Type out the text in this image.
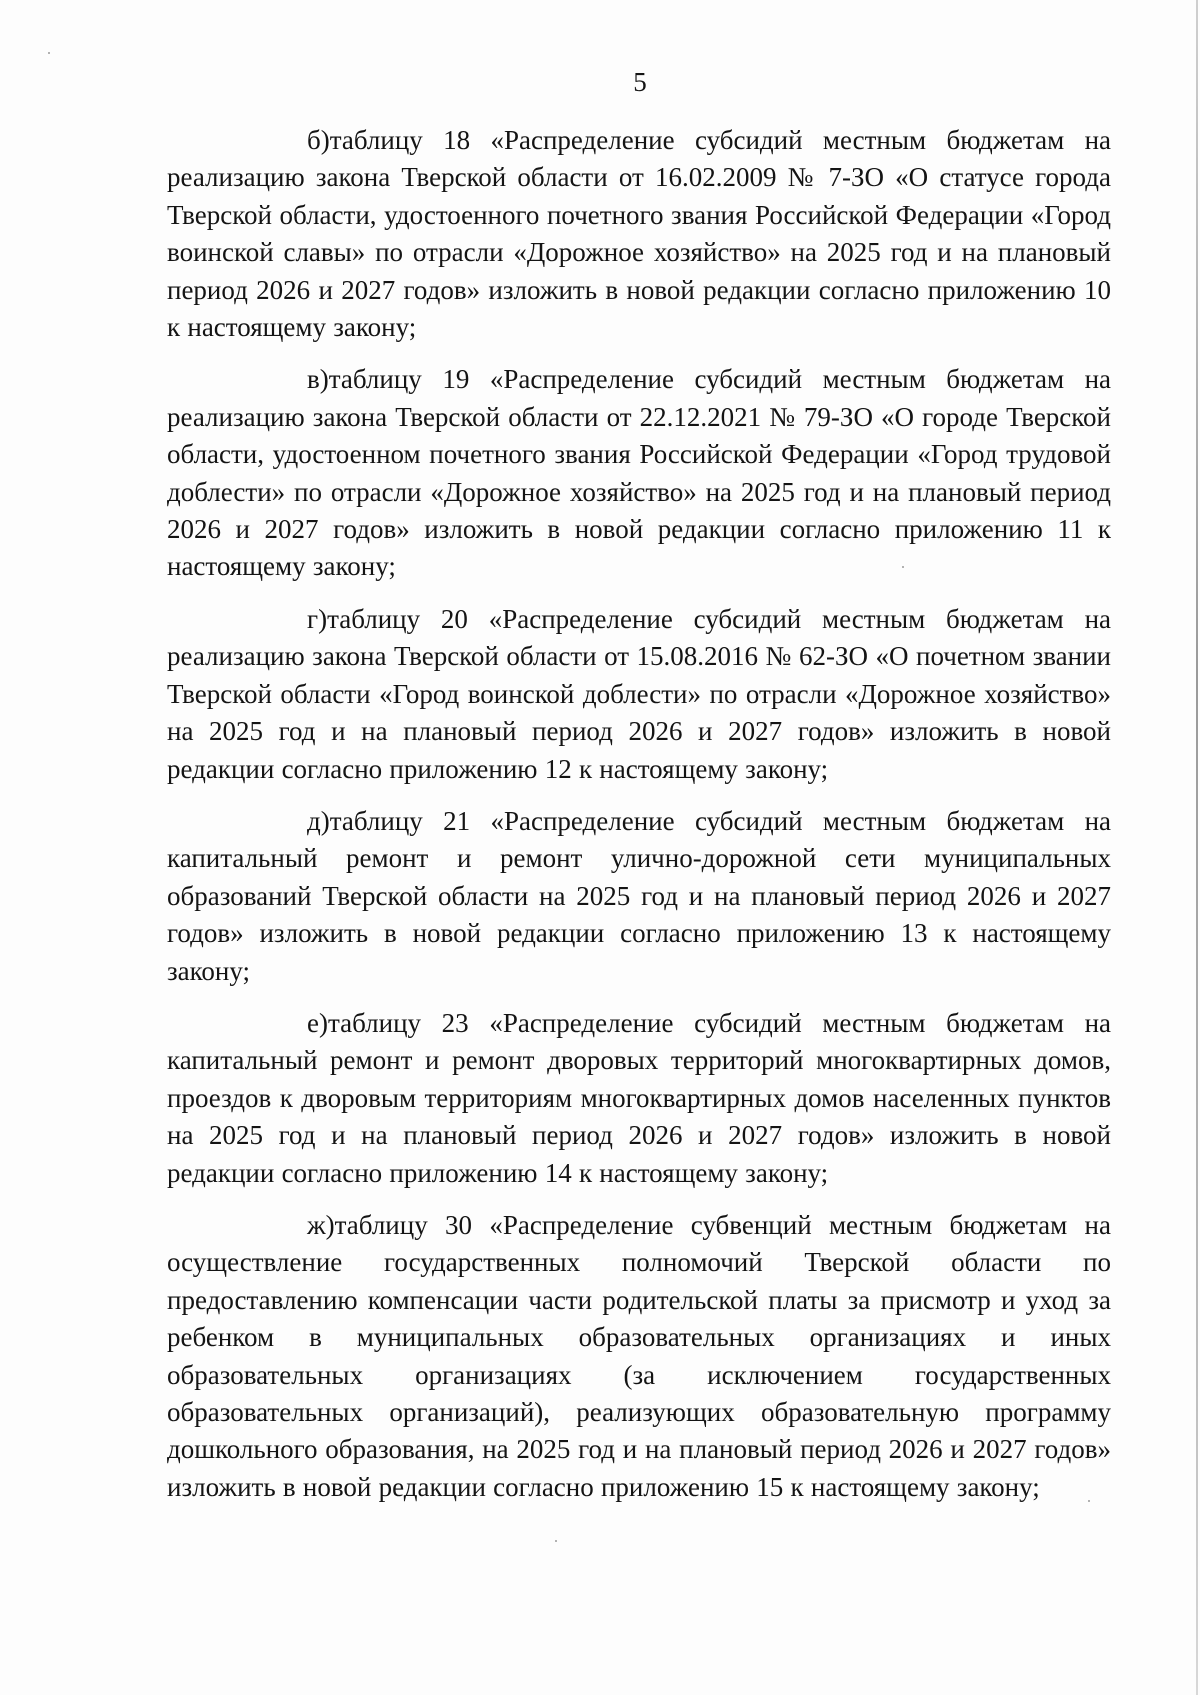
5

б)таблицу 18 «Распределение субсидий местным бюджетам на реализацию закона Тверской области от 16.02.2009 № 7-ЗО «О статусе города Тверской области, удостоенного почетного звания Российской Федерации «Город воинской славы» по отрасли «Дорожное хозяйство» на 2025 год и на плановый период 2026 и 2027 годов» изложить в новой редакции согласно приложению 10 к настоящему закону;

в)таблицу 19 «Распределение субсидий местным бюджетам на реализацию закона Тверской области от 22.12.2021 № 79-ЗО «О городе Тверской области, удостоенном почетного звания Российской Федерации «Город трудовой доблести» по отрасли «Дорожное хозяйство» на 2025 год и на плановый период 2026 и 2027 годов» изложить в новой редакции согласно приложению 11 к настоящему закону;

г)таблицу 20 «Распределение субсидий местным бюджетам на реализацию закона Тверской области от 15.08.2016 № 62-ЗО «О почетном звании Тверской области «Город воинской доблести» по отрасли «Дорожное хозяйство» на 2025 год и на плановый период 2026 и 2027 годов» изложить в новой редакции согласно приложению 12 к настоящему закону;

д)таблицу 21 «Распределение субсидий местным бюджетам на капитальный ремонт и ремонт улично-дорожной сети муниципальных образований Тверской области на 2025 год и на плановый период 2026 и 2027 годов» изложить в новой редакции согласно приложению 13 к настоящему закону;

е)таблицу 23 «Распределение субсидий местным бюджетам на капитальный ремонт и ремонт дворовых территорий многоквартирных домов, проездов к дворовым территориям многоквартирных домов населенных пунктов на 2025 год и на плановый период 2026 и 2027 годов» изложить в новой редакции согласно приложению 14 к настоящему закону;

ж)таблицу 30 «Распределение субвенций местным бюджетам на осуществление государственных полномочий Тверской области по предоставлению компенсации части родительской платы за присмотр и уход за ребенком в муниципальных образовательных организациях и иных образовательных организациях (за исключением государственных образовательных организаций), реализующих образовательную программу дошкольного образования, на 2025 год и на плановый период 2026 и 2027 годов» изложить в новой редакции согласно приложению 15 к настоящему закону;
